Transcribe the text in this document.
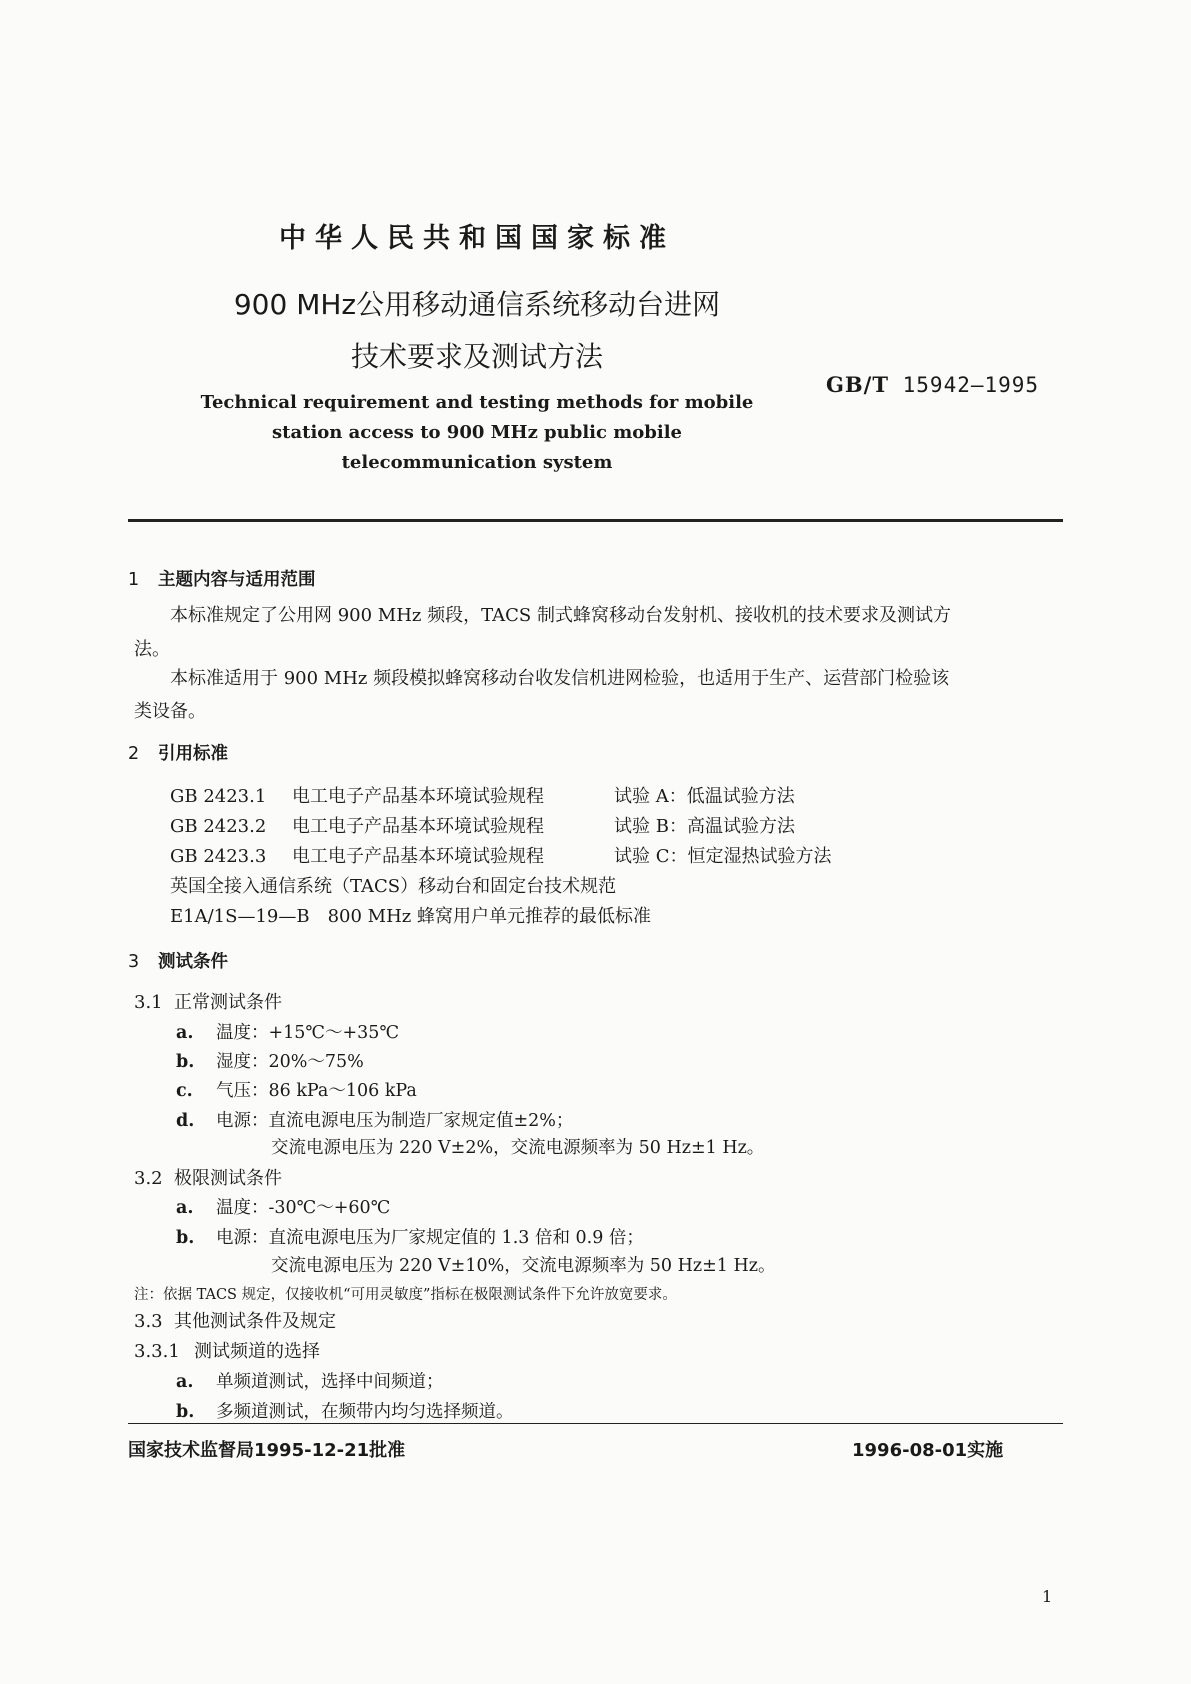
中华人民共和国国家标准
900 MHz公用移动通信系统移动台进网
技术要求及测试方法
GB/T 15942—1995
Technical requirement and testing methods for mobile
station access to 900 MHz public mobile
telecommunication system
1 主题内容与适用范围
本标准规定了公用网 900 MHz 频段，TACS 制式蜂窝移动台发射机、接收机的技术要求及测试方
法。
本标准适用于 900 MHz 频段模拟蜂窝移动台收发信机进网检验，也适用于生产、运营部门检验该
类设备。
2 引用标准
GB 2423.1 电工电子产品基本环境试验规程	试验 A：低温试验方法
GB 2423.2 电工电子产品基本环境试验规程	试验 B：高温试验方法
GB 2423.3 电工电子产品基本环境试验规程	试验 C：恒定湿热试验方法
英国全接入通信系统（TACS）移动台和固定台技术规范
E1A/1S—19—B　800 MHz 蜂窝用户单元推荐的最低标准
3 测试条件
3.1 正常测试条件
a. 温度：+15℃～+35℃
b. 湿度：20%～75%
c. 气压：86 kPa～106 kPa
d. 电源：直流电源电压为制造厂家规定值±2%；
交流电源电压为 220 V±2%，交流电源频率为 50 Hz±1 Hz。
3.2 极限测试条件
a. 温度：-30℃～+60℃
b. 电源：直流电源电压为厂家规定值的 1.3 倍和 0.9 倍；
交流电源电压为 220 V±10%，交流电源频率为 50 Hz±1 Hz。
注：依据 TACS 规定，仅接收机“可用灵敏度”指标在极限测试条件下允许放宽要求。
3.3 其他测试条件及规定
3.3.1 测试频道的选择
a. 单频道测试，选择中间频道；
b. 多频道测试，在频带内均匀选择频道。
国家技术监督局1995-12-21批准	1996-08-01实施
1
